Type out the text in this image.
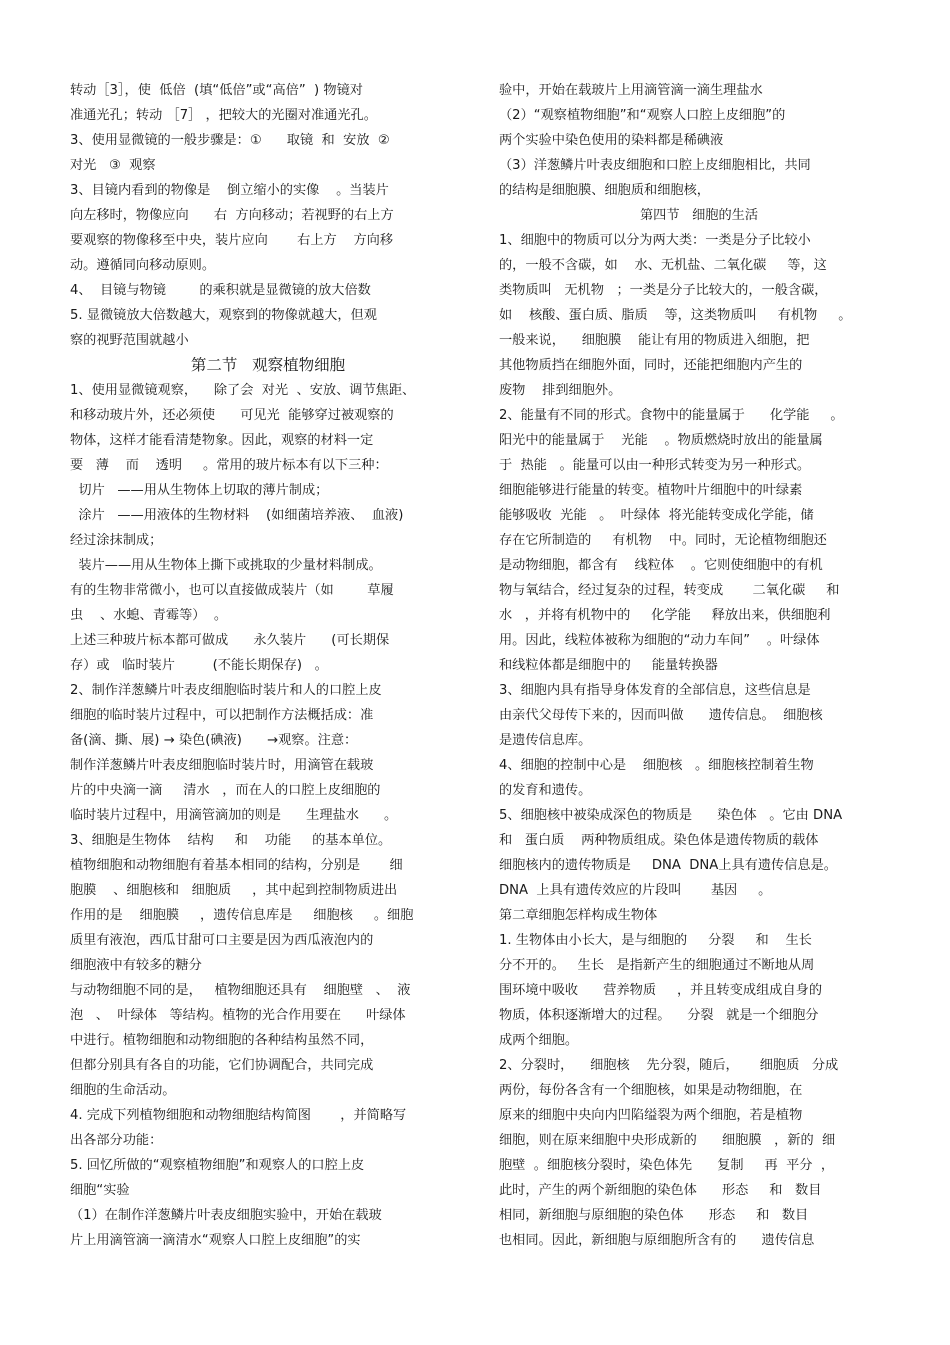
转动［3］，使  低倍  (填“低倍”或“高倍”  ) 物镜对
准通光孔；转动 ［7］ ，把较大的光圈对准通光孔。
3、使用显微镜的一般步骤是：①      取镜  和  安放  ②
对光   ③  观察
3、目镜内看到的物像是    倒立缩小的实像    。当装片
向左移时，物像应向      右  方向移动；若视野的右上方
要观察的物像移至中央，装片应向       右上方    方向移
动。遵循同向移动原则。
4、  目镜与物镜        的乘积就是显微镜的放大倍数
5. 显微镜放大倍数越大，观察到的物像就越大，但观
察的视野范围就越小
第二节   观察植物细胞
1、使用显微镜观察，    除了会  对光  、安放、调节焦距、
和移动玻片外，还必须使      可见光  能够穿过被观察的
物体，这样才能看清楚物象。因此，观察的材料一定
要   薄    而    透明     。常用的玻片标本有以下三种：
切片   ——用从生物体上切取的薄片制成；
涂片   ——用液体的生物材料    (如细菌培养液、  血液)
经过涂抹制成；
装片——用从生物体上撕下或挑取的少量材料制成。
有的生物非常微小，也可以直接做成装片（如        草履
虫    、水螅、青霉等）  。
上述三种玻片标本都可做成      永久装片      (可长期保
存）或   临时装片         (不能长期保存)   。
2、制作洋葱鳞片叶表皮细胞临时装片和人的口腔上皮
细胞的临时装片过程中，可以把制作方法概括成：准
备(滴、撕、展) → 染色(碘液)      →观察。注意：
制作洋葱鳞片叶表皮细胞临时装片时，用滴管在载玻
片的中央滴一滴     清水   ，而在人的口腔上皮细胞的
临时装片过程中，用滴管滴加的则是      生理盐水      。
3、细胞是生物体    结构     和    功能     的基本单位。
植物细胞和动物细胞有着基本相同的结构，分别是       细
胞膜    、细胞核和   细胞质     ，其中起到控制物质进出
作用的是    细胞膜     ，遗传信息库是     细胞核     。细胞
质里有液泡，西瓜甘甜可口主要是因为西瓜液泡内的
细胞液中有较多的糖分
与动物细胞不同的是，   植物细胞还具有    细胞壁   、  液
泡   、  叶绿体   等结构。植物的光合作用要在      叶绿体
中进行。植物细胞和动物细胞的各种结构虽然不同，
但都分别具有各自的功能，它们协调配合，共同完成
细胞的生命活动。
4. 完成下列植物细胞和动物细胞结构简图       ，并简略写
出各部分功能：
5. 回忆所做的“观察植物细胞”和观察人的口腔上皮
细胞“实验
（1）在制作洋葱鳞片叶表皮细胞实验中，开始在载玻
片上用滴管滴一滴清水“观察人口腔上皮细胞”的实
验中，开始在载玻片上用滴管滴一滴生理盐水
（2）“观察植物细胞”和“观察人口腔上皮细胞”的
两个实验中染色使用的染料都是稀碘液
（3）洋葱鳞片叶表皮细胞和口腔上皮细胞相比，共同
的结构是细胞膜、细胞质和细胞核，
第四节   细胞的生活
1、细胞中的物质可以分为两大类：一类是分子比较小
的，一般不含碳，如    水、无机盐、二氧化碳     等，这
类物质叫   无机物   ；一类是分子比较大的，一般含碳，
如    核酸、蛋白质、脂质    等，这类物质叫     有机物     。
一般来说，    细胞膜    能让有用的物质进入细胞，把
其他物质挡在细胞外面，同时，还能把细胞内产生的
废物    排到细胞外。
2、能量有不同的形式。食物中的能量属于      化学能     。
阳光中的能量属于    光能    。物质燃烧时放出的能量属
于  热能   。能量可以由一种形式转变为另一种形式。
细胞能够进行能量的转变。植物叶片细胞中的叶绿素
能够吸收  光能   。  叶绿体  将光能转变成化学能，储
存在它所制造的     有机物    中。同时，无论植物细胞还
是动物细胞，都含有    线粒体    。它则使细胞中的有机
物与氧结合，经过复杂的过程，转变成       二氧化碳     和
水   ，并将有机物中的     化学能     释放出来，供细胞利
用。因此，线粒体被称为细胞的“动力车间”    。叶绿体
和线粒体都是细胞中的     能量转换器
3、细胞内具有指导身体发育的全部信息，这些信息是
由亲代父母传下来的，因而叫做      遗传信息。  细胞核
是遗传信息库。
4、细胞的控制中心是    细胞核   。细胞核控制着生物
的发育和遗传。
5、细胞核中被染成深色的物质是      染色体   。它由 DNA
和   蛋白质    两种物质组成。染色体是遗传物质的载体
细胞核内的遗传物质是     DNA  DNA上具有遗传信息是。
DNA  上具有遗传效应的片段叫       基因     。
第二章细胞怎样构成生物体
1. 生物体由小长大，是与细胞的     分裂     和    生长
分不开的。   生长   是指新产生的细胞通过不断地从周
围环境中吸收      营养物质     ，并且转变成组成自身的
物质，体积逐渐增大的过程。    分裂   就是一个细胞分
成两个细胞。
2、分裂时，    细胞核    先分裂，随后，     细胞质   分成
两份，每份各含有一个细胞核，如果是动物细胞，在
原来的细胞中央向内凹陷缢裂为两个细胞，若是植物
细胞，则在原来细胞中央形成新的      细胞膜   ，新的  细
胞壁  。细胞核分裂时，染色体先      复制     再  平分  ，
此时，产生的两个新细胞的染色体      形态     和   数目
相同，新细胞与原细胞的染色体      形态     和   数目
也相同。因此，新细胞与原细胞所含有的      遗传信息
